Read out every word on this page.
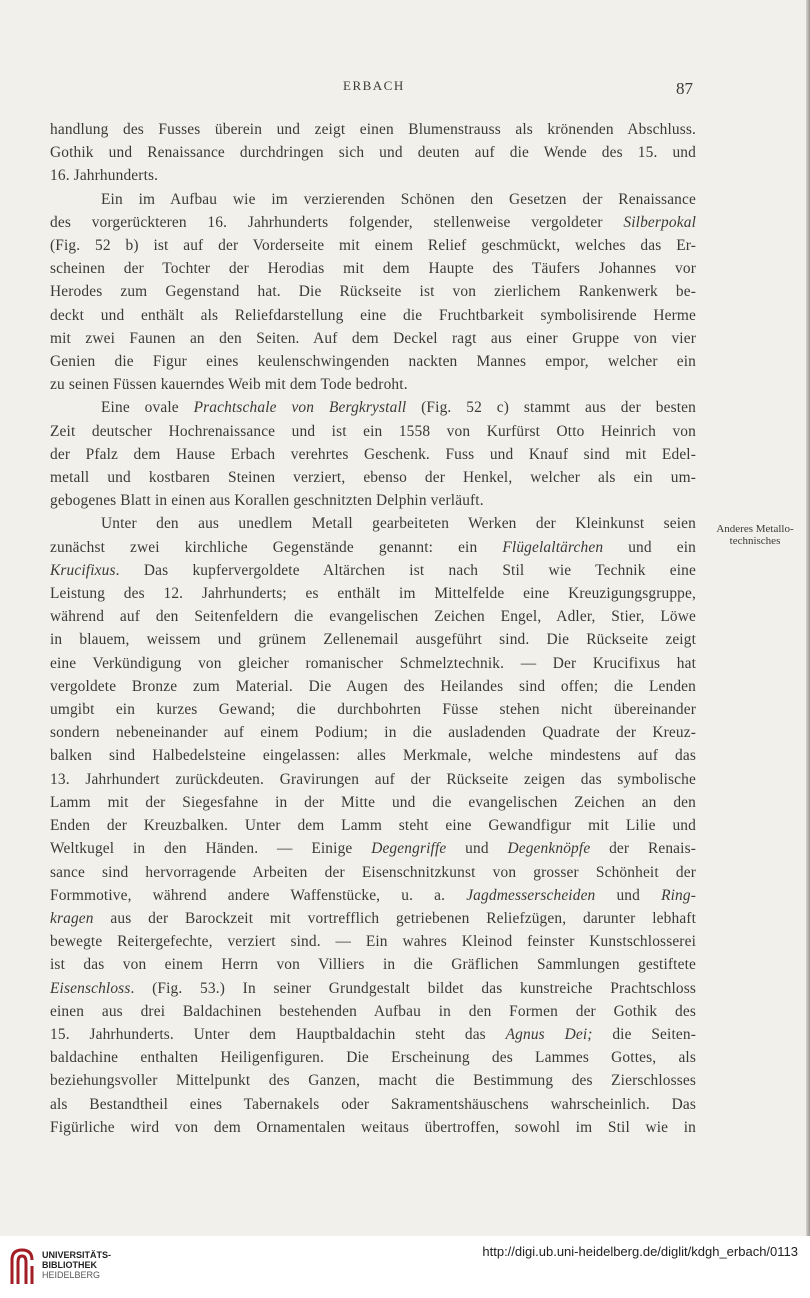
ERBACH	87
handlung des Fusses überein und zeigt einen Blumenstrauss als krönenden Abschluss.
Gothik und Renaissance durchdringen sich und deuten auf die Wende des 15. und
16. Jahrhunderts.
Ein im Aufbau wie im verzierenden Schönen den Gesetzen der Renaissance
des vorgerückteren 16. Jahrhunderts folgender, stellenweise vergoldeter Silberpokal
(Fig. 52 b) ist auf der Vorderseite mit einem Relief geschmückt, welches das Er-
scheinen der Tochter der Herodias mit dem Haupte des Täufers Johannes vor
Herodes zum Gegenstand hat. Die Rückseite ist von zierlichem Rankenwerk be-
deckt und enthält als Reliefdarstellung eine die Fruchtbarkeit symbolisirende Herme
mit zwei Faunen an den Seiten. Auf dem Deckel ragt aus einer Gruppe von vier
Genien die Figur eines keulenschwingenden nackten Mannes empor, welcher ein
zu seinen Füssen kauerndes Weib mit dem Tode bedroht.
Eine ovale Prachtschale von Bergkrystall (Fig. 52 c) stammt aus der besten
Zeit deutscher Hochrenaissance und ist ein 1558 von Kurfürst Otto Heinrich von
der Pfalz dem Hause Erbach verehrtes Geschenk. Fuss und Knauf sind mit Edel-
metall und kostbaren Steinen verziert, ebenso der Henkel, welcher als ein um-
gebogenes Blatt in einen aus Korallen geschnitzten Delphin verläuft.
Unter den aus unedlem Metall gearbeiteten Werken der Kleinkunst seien
zunächst zwei kirchliche Gegenstände genannt: ein Flügelaltärchen und ein
Krucifixus. Das kupfervergoldete Altärchen ist nach Stil wie Technik eine
Leistung des 12. Jahrhunderts; es enthält im Mittelfelde eine Kreuzigungsgruppe,
während auf den Seitenfeldern die evangelischen Zeichen Engel, Adler, Stier, Löwe
in blauem, weissem und grünem Zellenemail ausgeführt sind. Die Rückseite zeigt
eine Verkündigung von gleicher romanischer Schmelztechnik. — Der Krucifixus hat
vergoldete Bronze zum Material. Die Augen des Heilandes sind offen; die Lenden
umgibt ein kurzes Gewand; die durchbohrten Füsse stehen nicht übereinander
sondern nebeneinander auf einem Podium; in die ausladenden Quadrate der Kreuz-
balken sind Halbedelsteine eingelassen: alles Merkmale, welche mindestens auf das
13. Jahrhundert zurückdeuten. Gravirungen auf der Rückseite zeigen das symbolische
Lamm mit der Siegesfahne in der Mitte und die evangelischen Zeichen an den
Enden der Kreuzbalken. Unter dem Lamm steht eine Gewandfigur mit Lilie und
Weltkugel in den Händen. — Einige Degengriffe und Degenknöpfe der Renais-
sance sind hervorragende Arbeiten der Eisenschnitzkunst von grosser Schönheit der
Formmotive, während andere Waffenstücke, u. a. Jagdmesserscheiden und Ring-
kragen aus der Barockzeit mit vortrefflich getriebenen Reliefzügen, darunter lebhaft
bewegte Reitergefechte, verziert sind. — Ein wahres Kleinod feinster Kunstschlosserei
ist das von einem Herrn von Villiers in die Gräflichen Sammlungen gestiftete
Eisenschloss. (Fig. 53.) In seiner Grundgestalt bildet das kunstreiche Prachtschloss
einen aus drei Baldachinen bestehenden Aufbau in den Formen der Gothik des
15. Jahrhunderts. Unter dem Hauptbaldachin steht das Agnus Dei; die Seiten-
baldachine enthalten Heiligenfiguren. Die Erscheinung des Lammes Gottes, als
beziehungsvoller Mittelpunkt des Ganzen, macht die Bestimmung des Zierschlosses
als Bestandtheil eines Tabernakels oder Sakramentshäuschens wahrscheinlich. Das
Figürliche wird von dem Ornamentalen weitaus übertroffen, sowohl im Stil wie in
Anderes Metallo-
technisches
UNIVERSITÄTS-
BIBLIOTHEK
HEIDELBERG
http://digi.ub.uni-heidelberg.de/diglit/kdgh_erbach/0113
